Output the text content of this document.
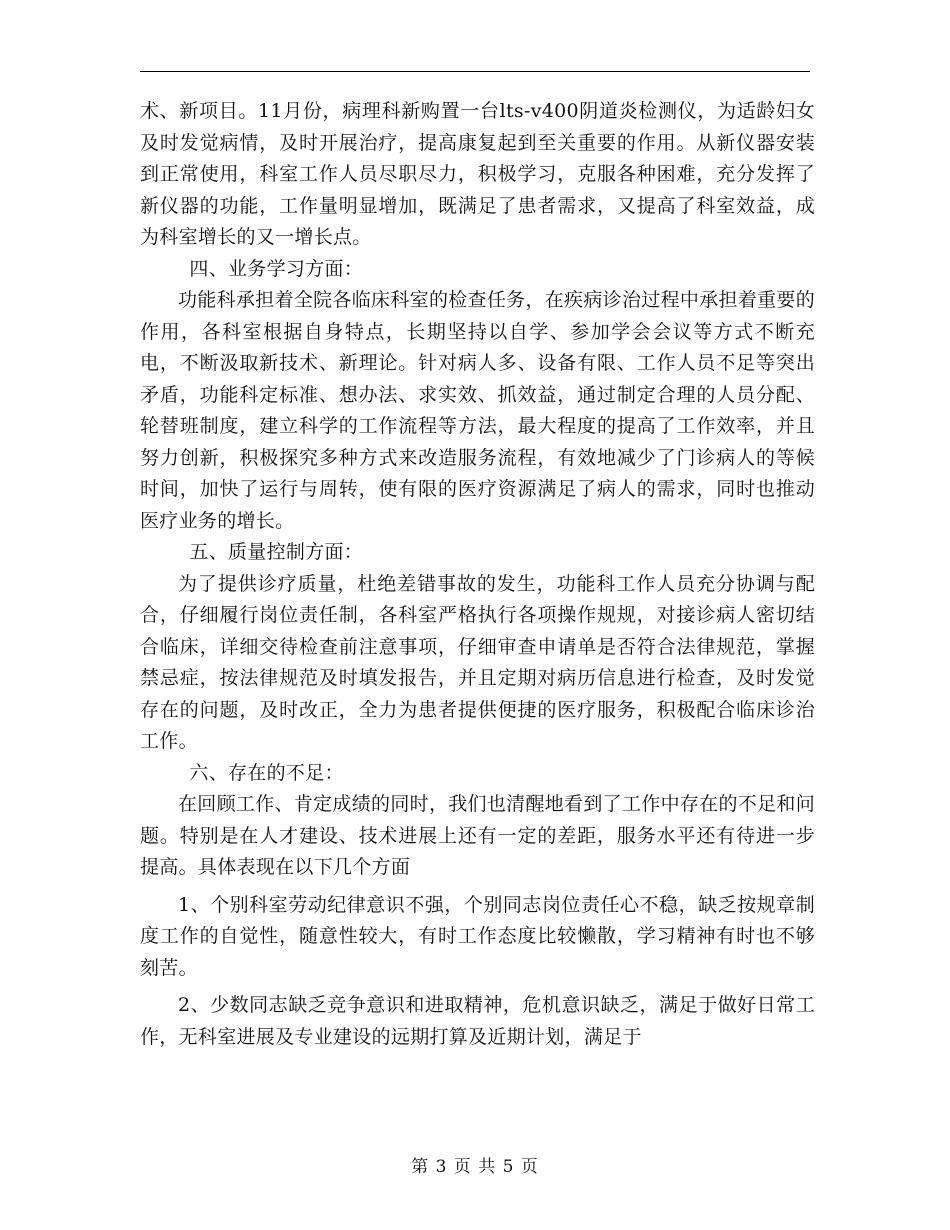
术、新项目。11月份，病理科新购置一台lts-v400阴道炎检测仪，为适龄妇女及时发觉病情，及时开展治疗，提高康复起到至关重要的作用。从新仪器安装到正常使用，科室工作人员尽职尽力，积极学习，克服各种困难，充分发挥了新仪器的功能，工作量明显增加，既满足了患者需求，又提高了科室效益，成为科室增长的又一增长点。

四、业务学习方面：

功能科承担着全院各临床科室的检查任务，在疾病诊治过程中承担着重要的作用，各科室根据自身特点，长期坚持以自学、参加学会会议等方式不断充电，不断汲取新技术、新理论。针对病人多、设备有限、工作人员不足等突出矛盾，功能科定标准、想办法、求实效、抓效益，通过制定合理的人员分配、轮替班制度，建立科学的工作流程等方法，最大程度的提高了工作效率，并且努力创新，积极探究多种方式来改造服务流程，有效地减少了门诊病人的等候时间，加快了运行与周转，使有限的医疗资源满足了病人的需求，同时也推动医疗业务的增长。

五、质量控制方面：

为了提供诊疗质量，杜绝差错事故的发生，功能科工作人员充分协调与配合，仔细履行岗位责任制，各科室严格执行各项操作规规，对接诊病人密切结合临床，详细交待检查前注意事项，仔细审查申请单是否符合法律规范，掌握禁忌症，按法律规范及时填发报告，并且定期对病历信息进行检查，及时发觉存在的问题，及时改正，全力为患者提供便捷的医疗服务，积极配合临床诊治工作。

六、存在的不足：

在回顾工作、肯定成绩的同时，我们也清醒地看到了工作中存在的不足和问题。特别是在人才建设、技术进展上还有一定的差距，服务水平还有待进一步提高。具体表现在以下几个方面

1、个别科室劳动纪律意识不强，个别同志岗位责任心不稳，缺乏按规章制度工作的自觉性，随意性较大，有时工作态度比较懒散，学习精神有时也不够刻苦。

2、少数同志缺乏竞争意识和进取精神，危机意识缺乏，满足于做好日常工作，无科室进展及专业建设的远期打算及近期计划，满足于

第 3 页 共 5 页
